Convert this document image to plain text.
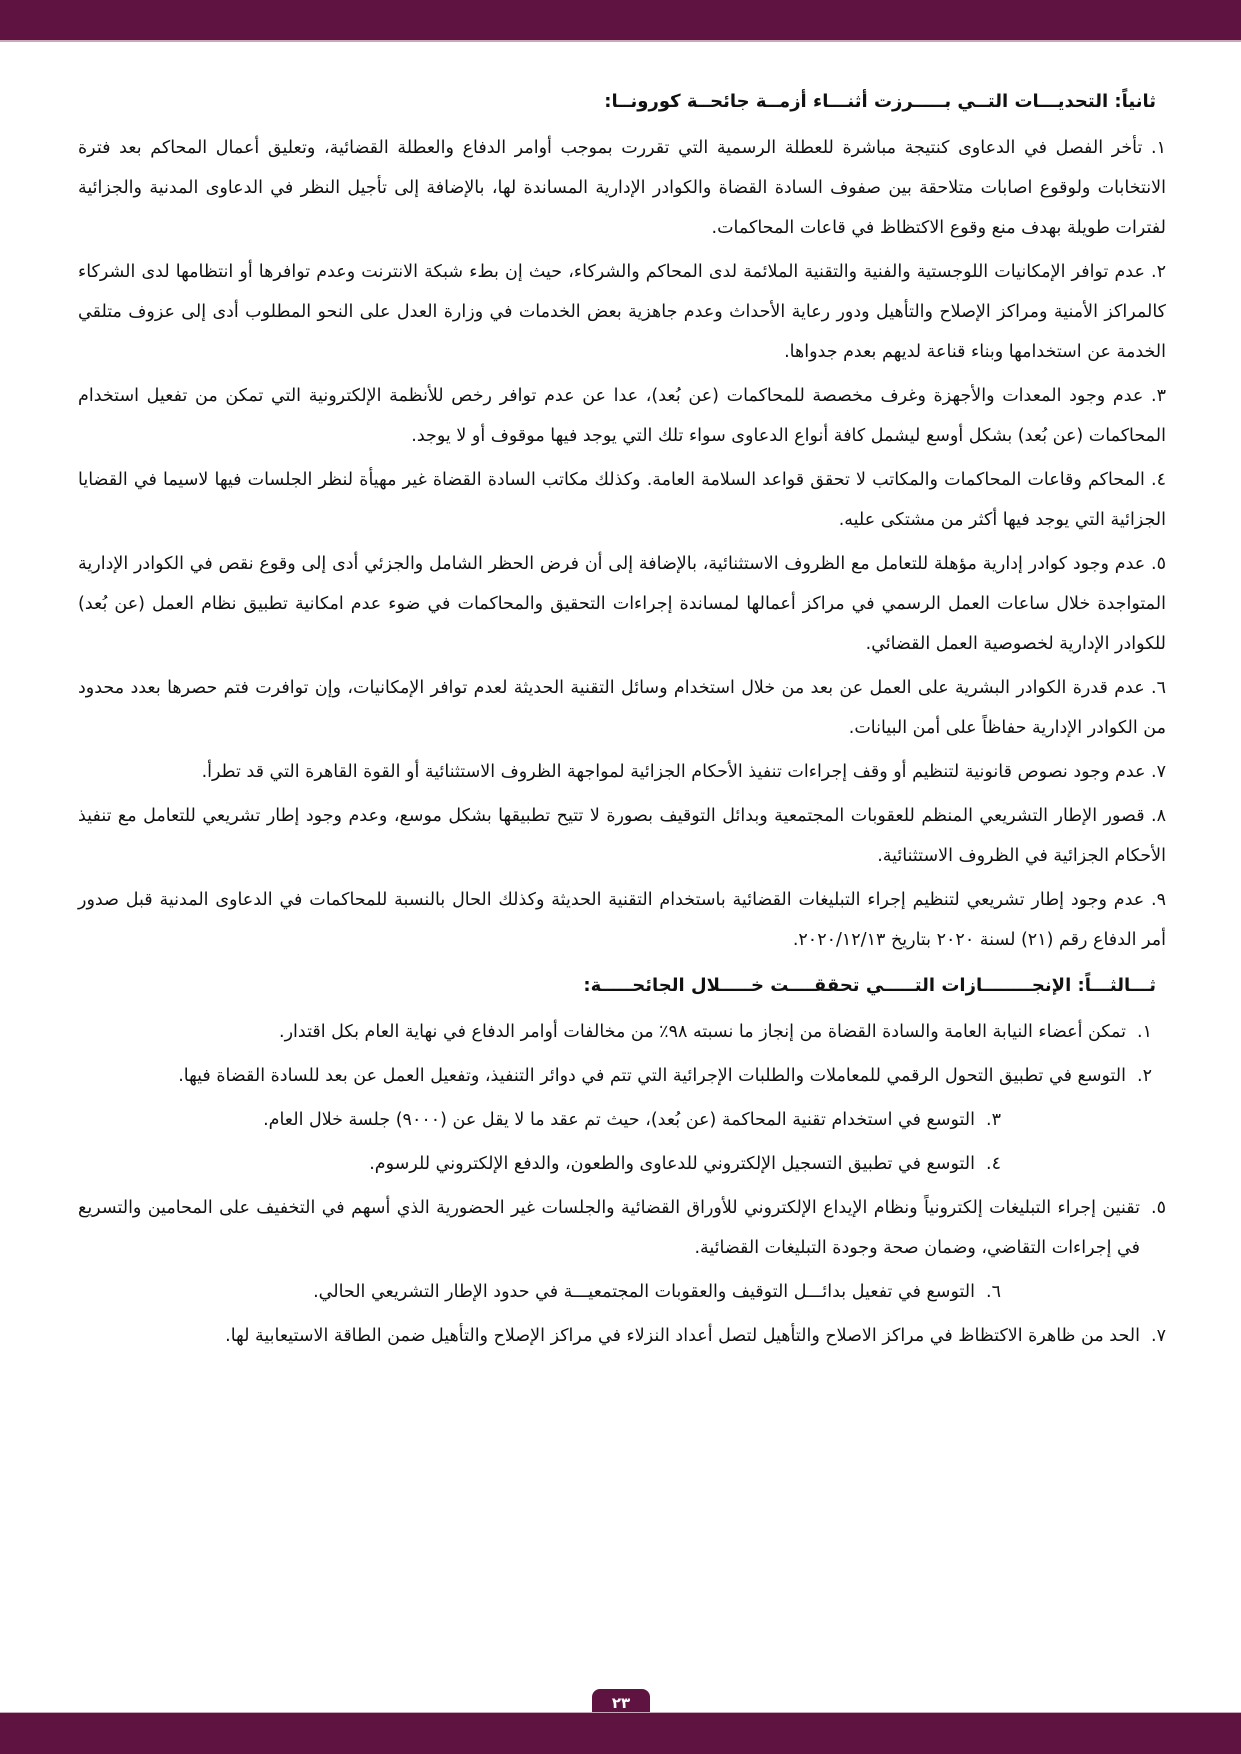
ثانياً: التحديـــات التــي بـــــرزت أثنـــاء أزمــة جائحــة كورونــا:

١. تأخر الفصل في الدعاوى كنتيجة مباشرة للعطلة الرسمية التي تقررت بموجب أوامر الدفاع والعطلة القضائية، وتعليق أعمال المحاكم بعد فترة الانتخابات ولوقوع اصابات متلاحقة بين صفوف السادة القضاة والكوادر الإدارية المساندة لها، بالإضافة إلى تأجيل النظر في الدعاوى المدنية والجزائية لفترات طويلة بهدف منع وقوع الاكتظاظ في قاعات المحاكمات.

٢. عدم توافر الإمكانيات اللوجستية والفنية والتقنية الملائمة لدى المحاكم والشركاء، حيث إن بطء شبكة الانترنت وعدم توافرها أو انتظامها لدى الشركاء كالمراكز الأمنية ومراكز الإصلاح والتأهيل ودور رعاية الأحداث وعدم جاهزية بعض الخدمات في وزارة العدل على النحو المطلوب أدى إلى عزوف متلقي الخدمة عن استخدامها وبناء قناعة لديهم بعدم جدواها.

٣. عدم وجود المعدات والأجهزة وغرف مخصصة للمحاكمات (عن بُعد)، عدا عن عدم توافر رخص للأنظمة الإلكترونية التي تمكن من تفعيل استخدام المحاكمات (عن بُعد) بشكل أوسع ليشمل كافة أنواع الدعاوى سواء تلك التي يوجد فيها موقوف أو لا يوجد.

٤. المحاكم وقاعات المحاكمات والمكاتب لا تحقق قواعد السلامة العامة. وكذلك مكاتب السادة القضاة غير مهيأة لنظر الجلسات فيها لاسيما في القضايا الجزائية التي يوجد فيها أكثر من مشتكى عليه.

٥. عدم وجود كوادر إدارية مؤهلة للتعامل مع الظروف الاستثنائية، بالإضافة إلى أن فرض الحظر الشامل والجزئي أدى إلى وقوع نقص في الكوادر الإدارية المتواجدة خلال ساعات العمل الرسمي في مراكز أعمالها لمساندة إجراءات التحقيق والمحاكمات في ضوء عدم امكانية تطبيق نظام العمل (عن بُعد) للكوادر الإدارية لخصوصية العمل القضائي.

٦. عدم قدرة الكوادر البشرية على العمل عن بعد من خلال استخدام وسائل التقنية الحديثة لعدم توافر الإمكانيات، وإن توافرت فتم حصرها بعدد محدود من الكوادر الإدارية حفاظاً على أمن البيانات.

٧. عدم وجود نصوص قانونية لتنظيم أو وقف إجراءات تنفيذ الأحكام الجزائية لمواجهة الظروف الاستثنائية أو القوة القاهرة التي قد تطرأ.

٨. قصور الإطار التشريعي المنظم للعقوبات المجتمعية وبدائل التوقيف بصورة لا تتيح تطبيقها بشكل موسع، وعدم وجود إطار تشريعي للتعامل مع تنفيذ الأحكام الجزائية في الظروف الاستثنائية.

٩. عدم وجود إطار تشريعي لتنظيم إجراء التبليغات القضائية باستخدام التقنية الحديثة وكذلك الحال بالنسبة للمحاكمات في الدعاوى المدنية قبل صدور أمر الدفاع رقم (٢١) لسنة ٢٠٢٠ بتاريخ ٢٠٢٠/١٢/١٣.

ثـــالثـــاً: الإنجــــــــازات التـــــي تحققــــت خـــــلال الجائحـــــة:
١.
تمكن أعضاء النيابة العامة والسادة القضاة من إنجاز ما نسبته ٩٨٪ من مخالفات أوامر الدفاع في نهاية العام بكل اقتدار.
٢.
التوسع في تطبيق التحول الرقمي للمعاملات والطلبات الإجرائية التي تتم في دوائر التنفيذ، وتفعيل العمل عن بعد للسادة القضاة فيها.
٣.
التوسع في استخدام تقنية المحاكمة (عن بُعد)، حيث تم عقد ما لا يقل عن (٩٠٠٠) جلسة خلال العام.
٤.
التوسع في تطبيق التسجيل الإلكتروني للدعاوى والطعون، والدفع الإلكتروني للرسوم.
٥.
تقنين إجراء التبليغات إلكترونياً ونظام الإيداع الإلكتروني للأوراق القضائية والجلسات غير الحضورية الذي أسهم في التخفيف على المحامين والتسريع في إجراءات التقاضي، وضمان صحة وجودة التبليغات القضائية.
٦.
التوسع في تفعيل بدائـــل التوقيف والعقوبات المجتمعيـــة في حدود الإطار التشريعي الحالي.
٧.
الحد من ظاهرة الاكتظاظ في مراكز الاصلاح والتأهيل لتصل أعداد النزلاء في مراكز الإصلاح والتأهيل ضمن الطاقة الاستيعابية لها.
٢٣
